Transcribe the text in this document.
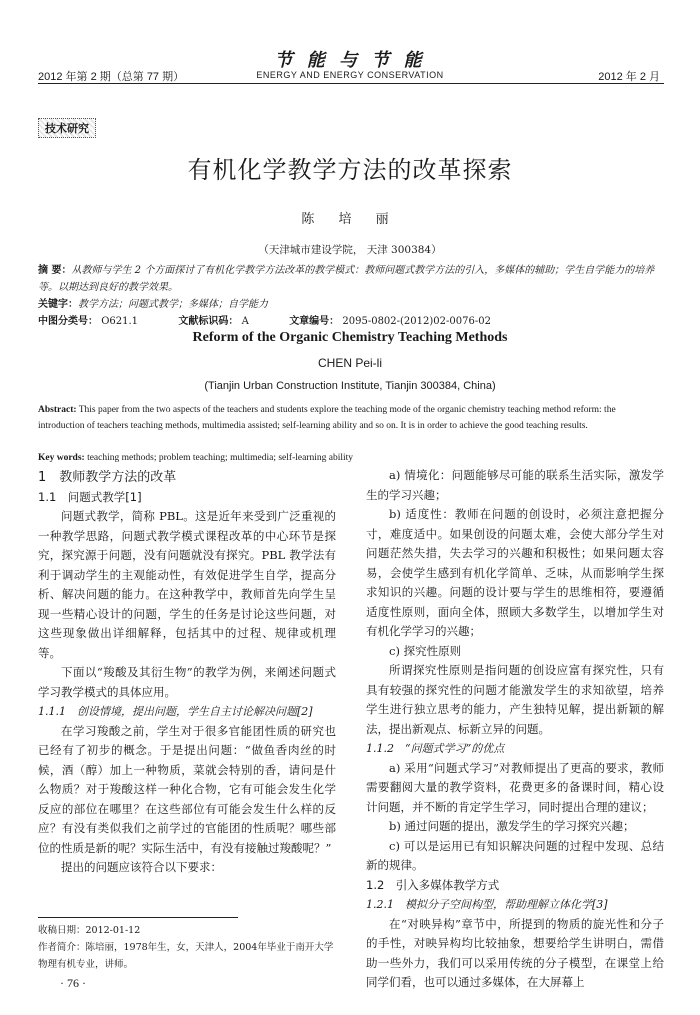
2012 年第 2 期（总第 77 期）
节 能 与 节 能
ENERGY AND ENERGY CONSERVATION	2012 年 2 月
技术研究
有机化学教学方法的改革探索
陈 培 丽
（天津城市建设学院， 天津 300384）
摘 要：从教师与学生 2 个方面探讨了有机化学教学方法改革的教学模式：教师问题式教学方法的引入，多媒体的辅助；学生自学能力的培养等。以期达到良好的教学效果。
关键字：教学方法；问题式教学；多媒体；自学能力
中图分类号： O621.1	文献标识码： A	文章编号： 2095-0802-(2012)02-0076-02
Reform of the Organic Chemistry Teaching Methods
CHEN Pei-li
(Tianjin Urban Construction Institute, Tianjin 300384, China)
Abstract: This paper from the two aspects of the teachers and students explore the teaching mode of the organic chemistry teaching method reform: the introduction of teachers teaching methods, multimedia assisted; self-learning ability and so on. It is in order to achieve the good teaching results.
Key words: teaching methods; problem teaching; multimedia; self-learning ability

1　教师教学方法的改革

1.1　问题式教学[1]

问题式教学，简称 PBL。这是近年来受到广泛重视的一种教学思路，问题式教学模式课程改革的中心环节是探究，探究源于问题，没有问题就没有探究。PBL 教学法有利于调动学生的主观能动性，有效促进学生自学，提高分析、解决问题的能力。在这种教学中，教师首先向学生呈现一些精心设计的问题，学生的任务是讨论这些问题，对这些现象做出详细解释，包括其中的过程、规律或机理等。

下面以“羧酸及其衍生物”的教学为例，来阐述问题式学习教学模式的具体应用。

1.1.1　创设情境，提出问题，学生自主讨论解决问题[2]

在学习羧酸之前，学生对于很多官能团性质的研究也已经有了初步的概念。于是提出问题：“做鱼香肉丝的时候，酒（醇）加上一种物质，菜就会特别的香，请问是什么物质？对于羧酸这样一种化合物，它有可能会发生化学反应的部位在哪里？在这些部位有可能会发生什么样的反应？有没有类似我们之前学过的官能团的性质呢？哪些部位的性质是新的呢？实际生活中，有没有接触过羧酸呢？”

提出的问题应该符合以下要求：

a) 情境化：问题能够尽可能的联系生活实际，激发学生的学习兴趣；

b) 适度性：教师在问题的创设时，必须注意把握分寸，难度适中。如果创设的问题太难，会使大部分学生对问题茫然失措，失去学习的兴趣和积极性；如果问题太容易，会使学生感到有机化学简单、乏味，从而影响学生探求知识的兴趣。问题的设计要与学生的思维相符，要遵循适度性原则，面向全体，照顾大多数学生，以增加学生对有机化学学习的兴趣；

c) 探究性原则

所谓探究性原则是指问题的创设应富有探究性，只有具有较强的探究性的问题才能激发学生的求知欲望，培养学生进行独立思考的能力，产生独特见解，提出新颖的解法，提出新观点、标新立异的问题。

1.1.2　“问题式学习”的优点

a) 采用“问题式学习”对教师提出了更高的要求，教师需要翻阅大量的教学资料，花费更多的备课时间，精心设计问题，并不断的肯定学生学习，同时提出合理的建议；

b) 通过问题的提出，激发学生的学习探究兴趣；

c) 可以是运用已有知识解决问题的过程中发现、总结新的规律。

1.2　引入多媒体教学方式

1.2.1　模拟分子空间构型，帮助理解立体化学[3]

在“对映异构”章节中，所提到的物质的旋光性和分子的手性，对映异构均比较抽象，想要给学生讲明白，需借助一些外力，我们可以采用传统的分子模型，在课堂上给同学们看，也可以通过多媒体，在大屏幕上

收稿日期：2012-01-12
作者简介：陈培丽，1978年生，女，天津人，2004年毕业于南开大学物理有机专业，讲师。
· 76 ·
